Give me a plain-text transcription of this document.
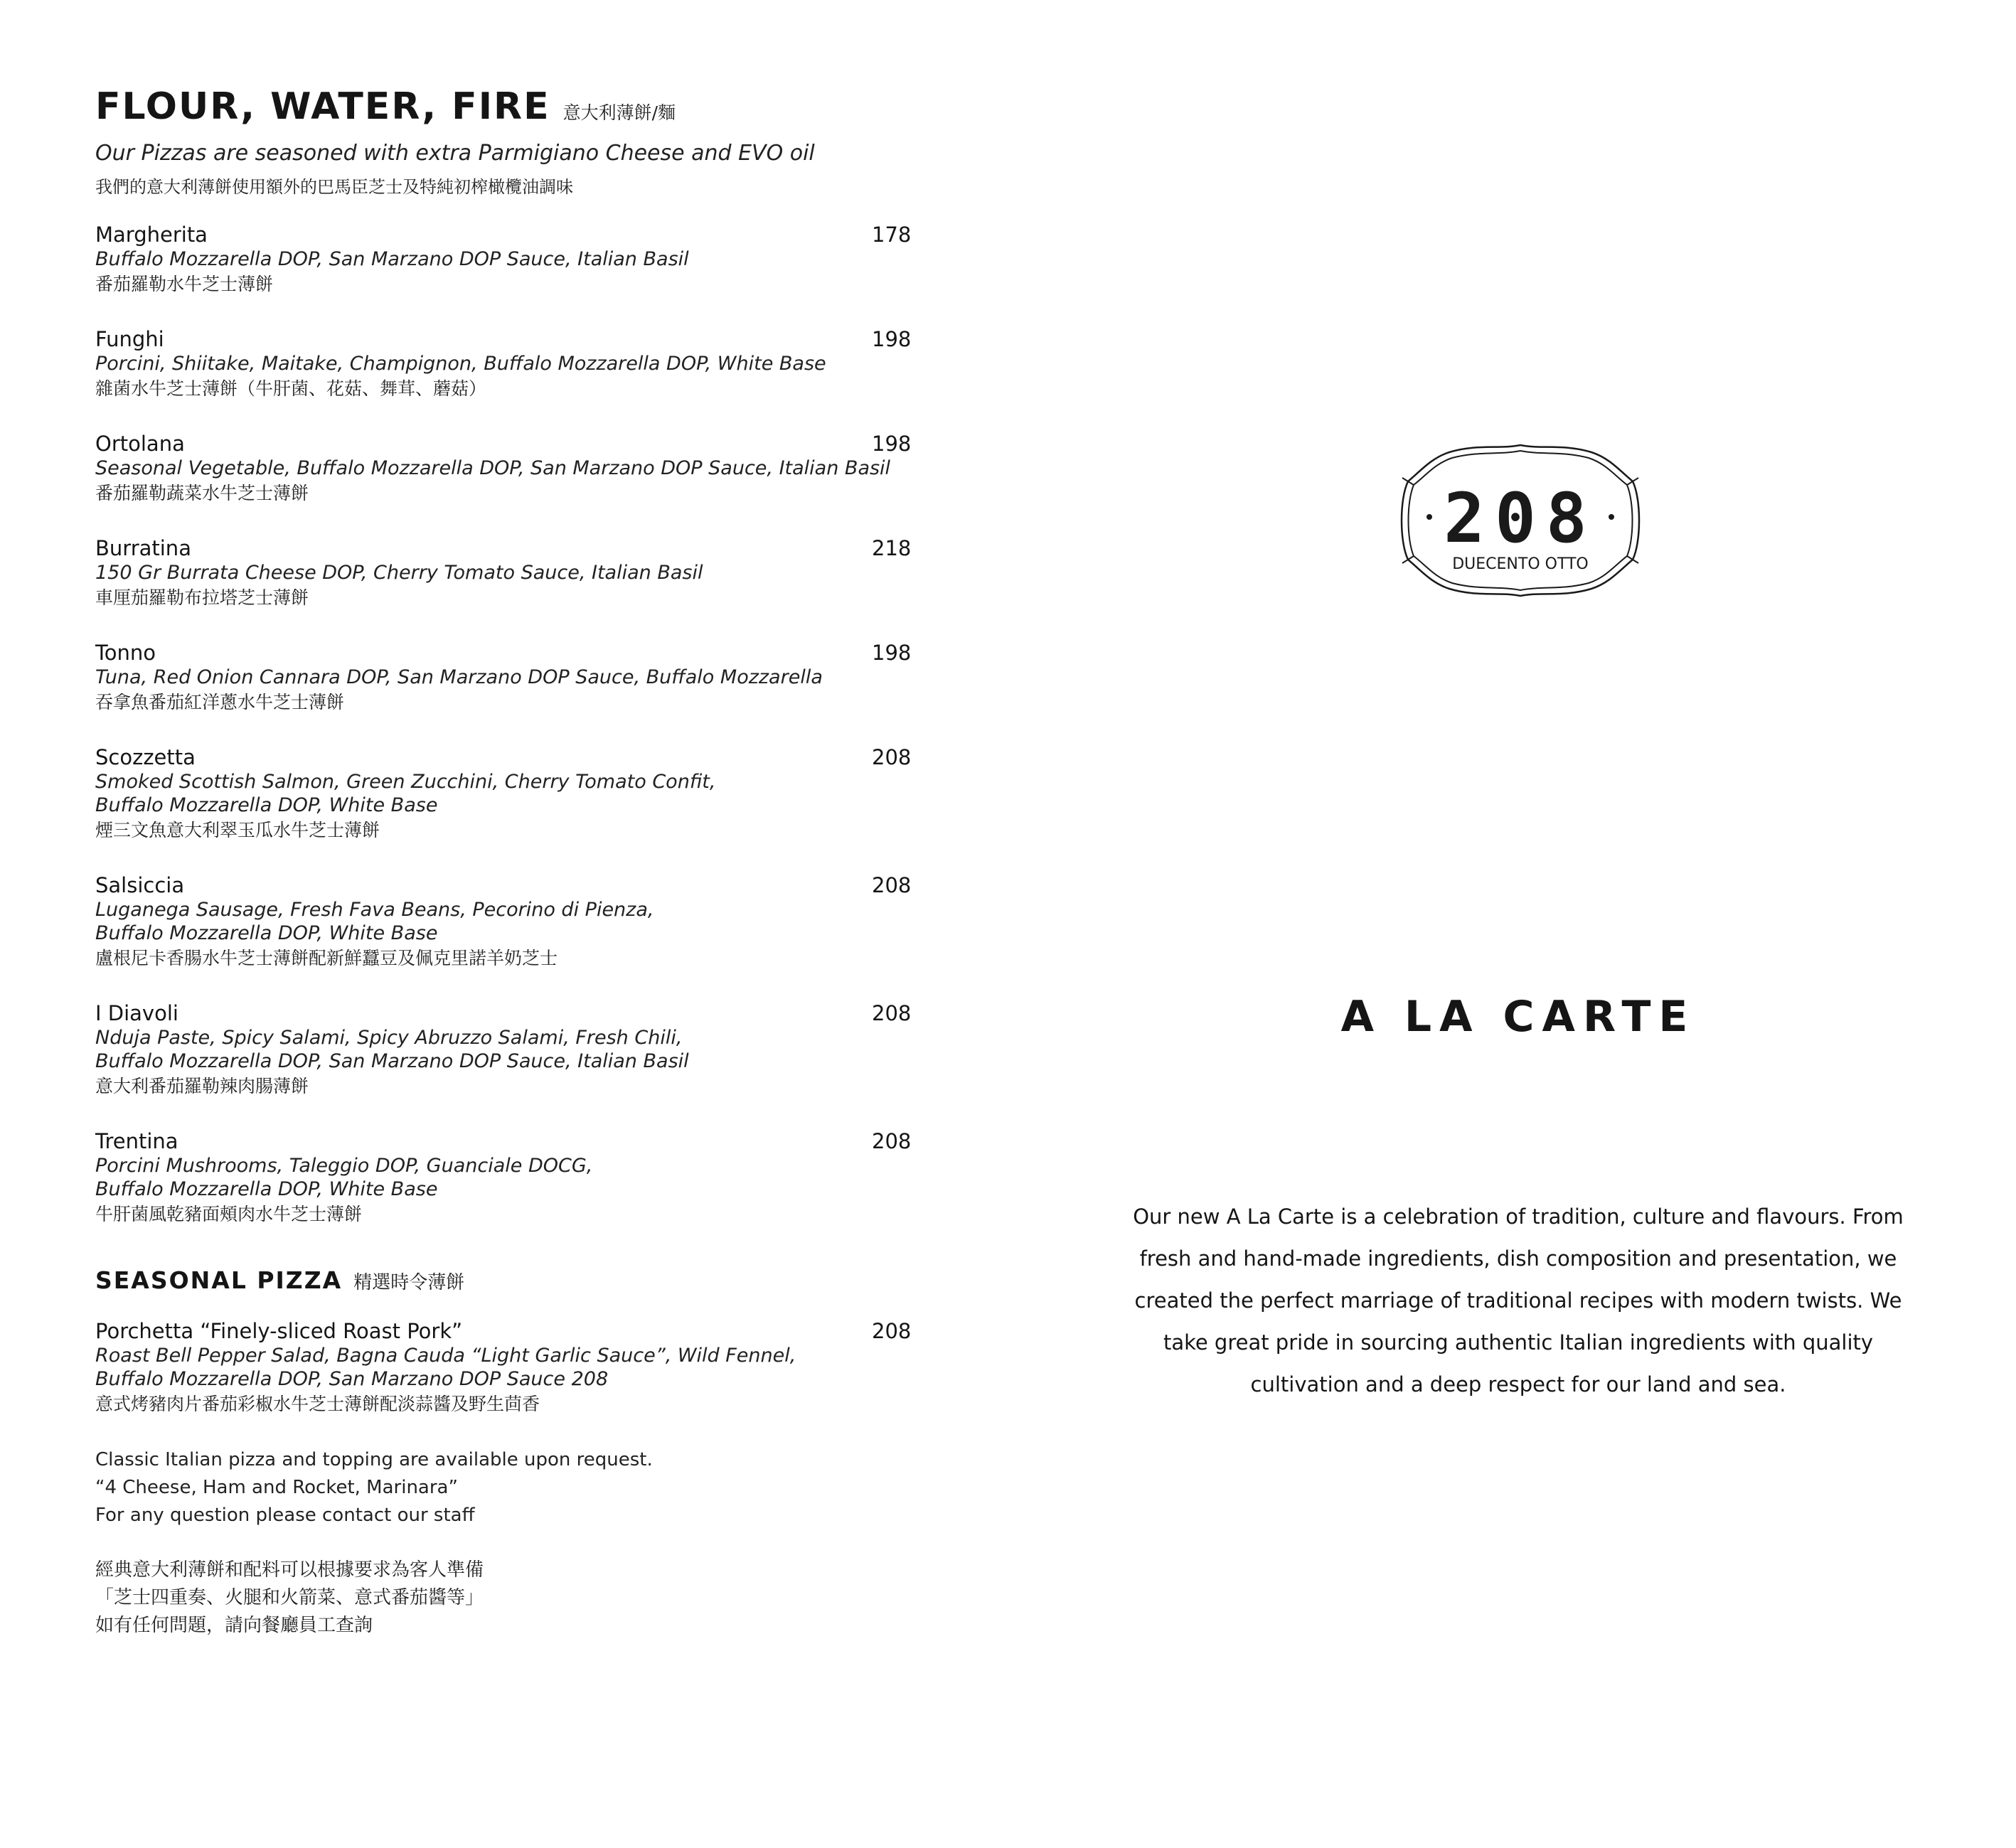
FLOUR, WATER, FIRE 意大利薄餅/麵
Our Pizzas are seasoned with extra Parmigiano Cheese and EVO oil
我們的意大利薄餅使用額外的巴馬臣芝士及特純初榨橄欖油調味
Margherita	178
Buffalo Mozzarella DOP, San Marzano DOP Sauce, Italian Basil
番茄羅勒水牛芝士薄餅
Funghi	198
Porcini, Shiitake, Maitake, Champignon, Buffalo Mozzarella DOP, White Base
雜菌水牛芝士薄餅（牛肝菌、花菇、舞茸、蘑菇）
Ortolana	198
Seasonal Vegetable, Buffalo Mozzarella DOP, San Marzano DOP Sauce, Italian Basil
番茄羅勒蔬菜水牛芝士薄餅
Burratina	218
150 Gr Burrata Cheese DOP, Cherry Tomato Sauce, Italian Basil
車厘茄羅勒布拉塔芝士薄餅
Tonno	198
Tuna, Red Onion Cannara DOP, San Marzano DOP Sauce, Buffalo Mozzarella
吞拿魚番茄紅洋蔥水牛芝士薄餅
Scozzetta	208
Smoked Scottish Salmon, Green Zucchini, Cherry Tomato Confit,
Buffalo Mozzarella DOP, White Base
煙三文魚意大利翠玉瓜水牛芝士薄餅
Salsiccia	208
Luganega Sausage, Fresh Fava Beans, Pecorino di Pienza,
Buffalo Mozzarella DOP, White Base
盧根尼卡香腸水牛芝士薄餅配新鮮蠶豆及佩克里諾羊奶芝士
I Diavoli	208
Nduja Paste, Spicy Salami, Spicy Abruzzo Salami, Fresh Chili,
Buffalo Mozzarella DOP, San Marzano DOP Sauce, Italian Basil
意大利番茄羅勒辣肉腸薄餅
Trentina	208
Porcini Mushrooms, Taleggio DOP, Guanciale DOCG,
Buffalo Mozzarella DOP, White Base
牛肝菌風乾豬面頰肉水牛芝士薄餅
SEASONAL PIZZA 精選時令薄餅
Porchetta “Finely-sliced Roast Pork”	208
Roast Bell Pepper Salad, Bagna Cauda “Light Garlic Sauce”, Wild Fennel,
Buffalo Mozzarella DOP, San Marzano DOP Sauce 208
意式烤豬肉片番茄彩椒水牛芝士薄餅配淡蒜醬及野生茴香

Classic Italian pizza and topping are available upon request.

“4 Cheese, Ham and Rocket, Marinara”

For any question please contact our staff

經典意大利薄餅和配料可以根據要求為客人準備

「芝士四重奏、火腿和火箭菜、意式番茄醬等」

如有任何問題，請向餐廳員工查詢

208
DUECENTO OTTO
A LA CARTE
Our new A La Carte is a celebration of tradition, culture and flavours. From fresh and hand-made ingredients, dish composition and presentation, we created the perfect marriage of traditional recipes with modern twists. We take great pride in sourcing authentic Italian ingredients with quality cultivation and a deep respect for our land and sea.
